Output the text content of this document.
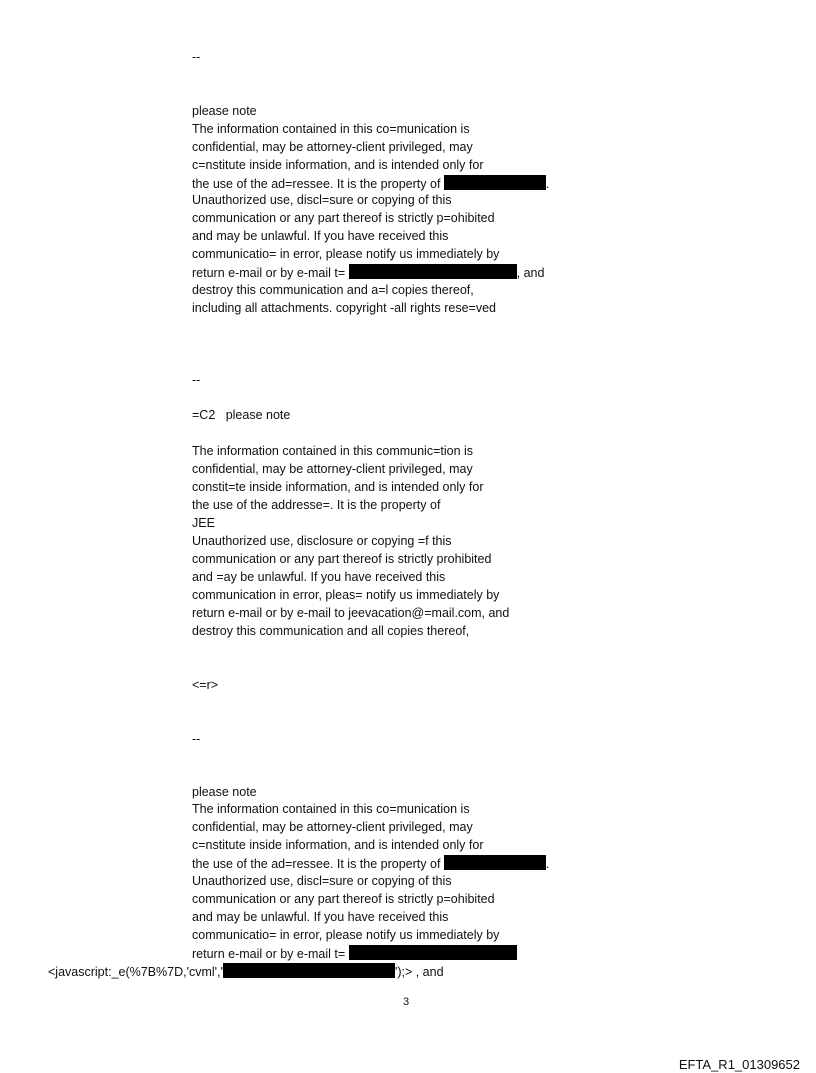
--
please note
The information contained in this co=munication is
confidential, may be attorney-client privileged, may
c=nstitute inside information, and is intended only for
the use of the ad=ressee. It is the property of	.
Unauthorized use, discl=sure or copying of this
communication or any part thereof is strictly p=ohibited
and may be unlawful. If you have received this
communicatio= in error, please notify us immediately by
return e-mail or by e-mail t=	, and
destroy this communication and a=l copies thereof,
including all attachments. copyright -all rights rese=ved
--
=C2   please note
The information contained in this communic=tion is
confidential, may be attorney-client privileged, may
constit=te inside information, and is intended only for
the use of the addresse=. It is the property of
JEE
Unauthorized use, disclosure or copying =f this
communication or any part thereof is strictly prohibited
and =ay be unlawful. If you have received this
communication in error, pleas= notify us immediately by
return e-mail or by e-mail to jeevacation@=mail.com, and
destroy this communication and all copies thereof,
<=r>
--
please note
The information contained in this co=munication is
confidential, may be attorney-client privileged, may
c=nstitute inside information, and is intended only for
the use of the ad=ressee. It is the property of	.
Unauthorized use, discl=sure or copying of this
communication or any part thereof is strictly p=ohibited
and may be unlawful. If you have received this
communicatio= in error, please notify us immediately by
return e-mail or by e-mail t=
<javascript:_e(%7B%7D,'cvml','	');> , and
3
EFTA_R1_01309652
